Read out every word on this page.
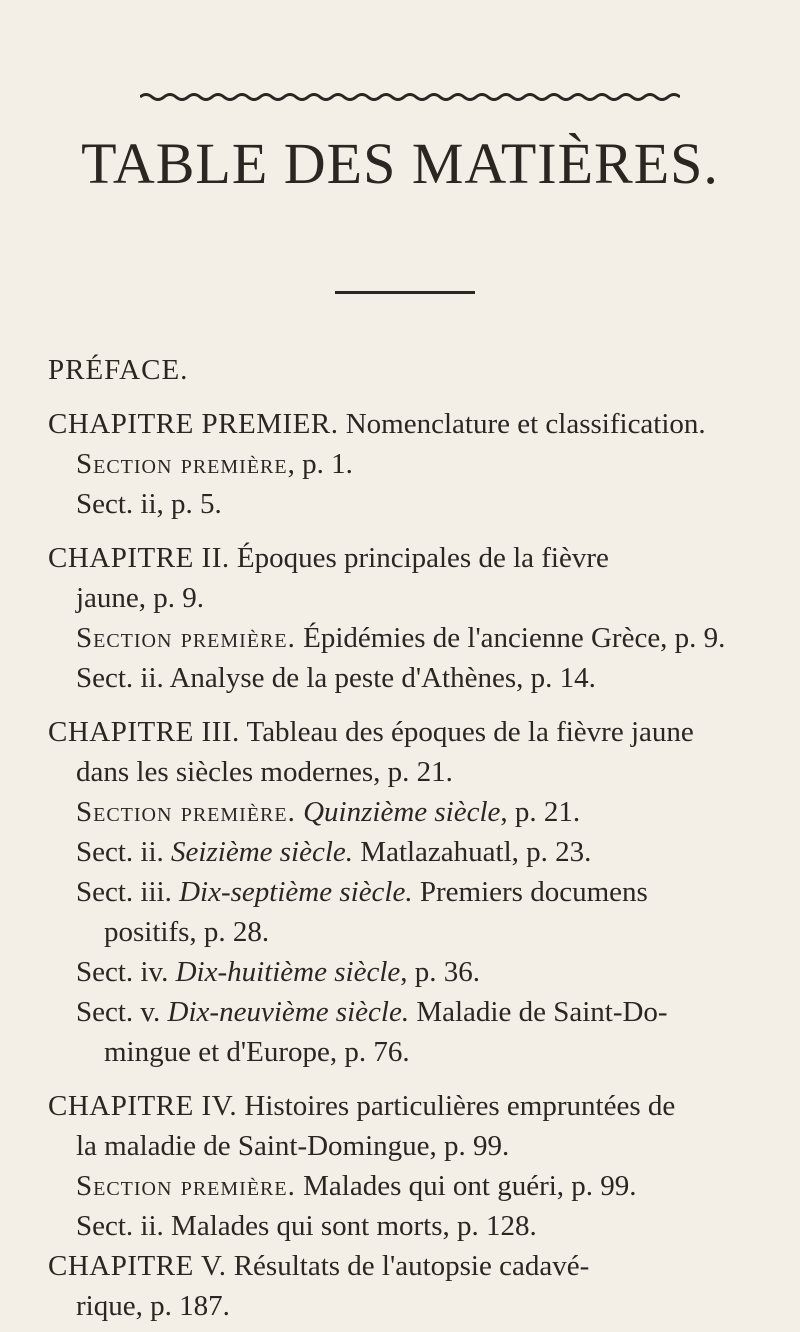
TABLE DES MATIÈRES.
PRÉFACE.
CHAPITRE PREMIER. Nomenclature et classification.
Section première, p. 1.
Sect. ii, p. 5.
CHAPITRE II. Époques principales de la fièvre
jaune, p. 9.
Section première. Épidémies de l'ancienne Grèce, p. 9.
Sect. ii. Analyse de la peste d'Athènes, p. 14.
CHAPITRE III. Tableau des époques de la fièvre jaune
dans les siècles modernes, p. 21.
Section première. Quinzième siècle, p. 21.
Sect. ii. Seizième siècle. Matlazahuatl, p. 23.
Sect. iii. Dix-septième siècle. Premiers documens
positifs, p. 28.
Sect. iv. Dix-huitième siècle, p. 36.
Sect. v. Dix-neuvième siècle. Maladie de Saint-Do-
mingue et d'Europe, p. 76.
CHAPITRE IV. Histoires particulières empruntées de
la maladie de Saint-Domingue, p. 99.
Section première. Malades qui ont guéri, p. 99.
Sect. ii. Malades qui sont morts, p. 128.
CHAPITRE V. Résultats de l'autopsie cadavé-
rique, p. 187.
